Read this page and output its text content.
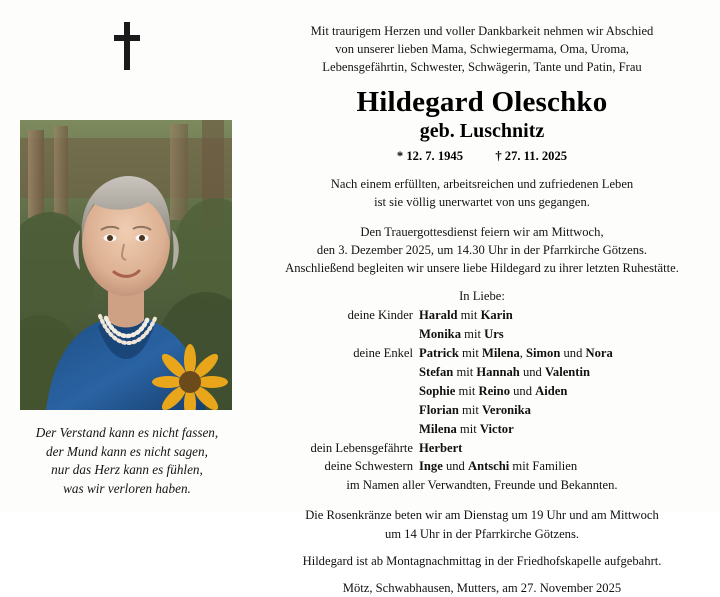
Der Verstand kann es nicht fassen,
der Mund kann es nicht sagen,
nur das Herz kann es fühlen,
was wir verloren haben.
Mit traurigem Herzen und voller Dankbarkeit nehmen wir Abschied
von unserer lieben Mama, Schwiegermama, Oma, Uroma,
Lebensgefährtin, Schwester, Schwägerin, Tante und Patin, Frau
Hildegard Oleschko
geb. Luschnitz
* 12. 7. 1945	† 27. 11. 2025
Nach einem erfüllten, arbeitsreichen und zufriedenen Leben
ist sie völlig unerwartet von uns gegangen.
Den Trauergottesdienst feiern wir am Mittwoch,
den 3. Dezember 2025, um 14.30 Uhr in der Pfarrkirche Götzens.
Anschließend begleiten wir unsere liebe Hildegard zu ihrer letzten Ruhestätte.
In Liebe:
deine Kinder Harald mit Karin
Monika mit Urs
deine Enkel Patrick mit Milena, Simon und Nora
Stefan mit Hannah und Valentin
Sophie mit Reino und Aiden
Florian mit Veronika
Milena mit Victor
dein Lebensgefährte Herbert
deine Schwestern Inge und Antschi mit Familien
im Namen aller Verwandten, Freunde und Bekannten.
Die Rosenkränze beten wir am Dienstag um 19 Uhr und am Mittwoch
um 14 Uhr in der Pfarrkirche Götzens.
Hildegard ist ab Montagnachmittag in der Friedhofskapelle aufgebahrt.
Mötz, Schwabhausen, Mutters, am 27. November 2025
